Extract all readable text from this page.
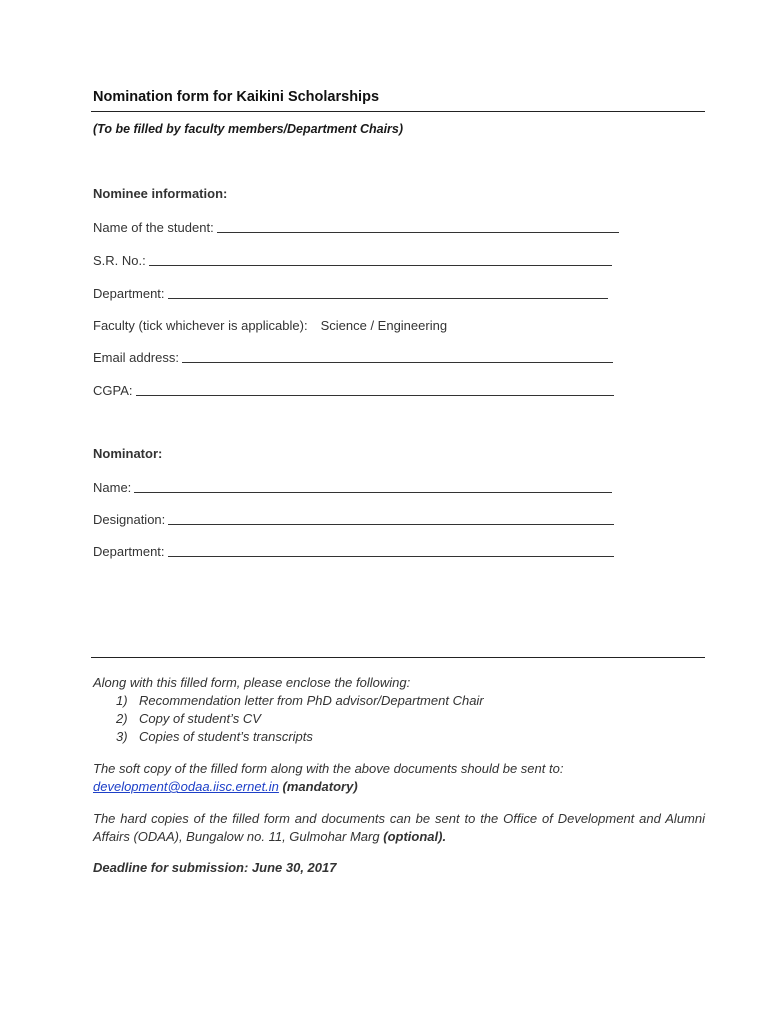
Nomination form for Kaikini Scholarships
(To be filled by faculty members/Department Chairs)
Nominee information:
Name of the student:
S.R. No.:
Department:
Faculty (tick whichever is applicable): Science / Engineering
Email address:
CGPA:
Nominator:
Name:
Designation:
Department:

Along with this filled form, please enclose the following:

1) Recommendation letter from PhD advisor/Department Chair
2) Copy of student’s CV
3) Copies of student’s transcripts

The soft copy of the filled form along with the above documents should be sent to:
development@odaa.iisc.ernet.in (mandatory)

The hard copies of the filled form and documents can be sent to the Office of Development and Alumni Affairs (ODAA), Bungalow no. 11, Gulmohar Marg (optional).

Deadline for submission: June 30, 2017
